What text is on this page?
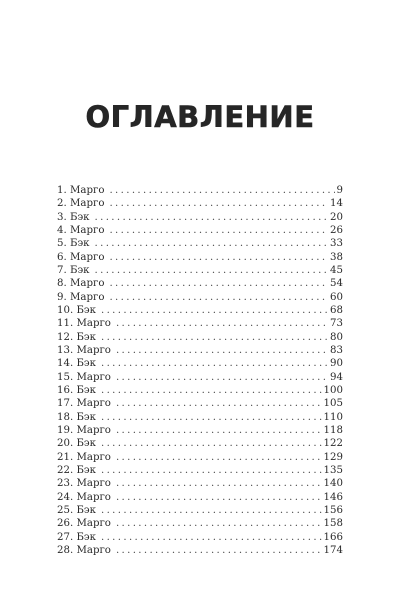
ОГЛАВЛЕНИЕ
1. Марго .....	9
2. Марго .....	14
3. Бэк .....	20
4. Марго .....	26
5. Бэк .....	33
6. Марго .....	38
7. Бэк .....	45
8. Марго .....	54
9. Марго .....	60
10. Бэк .....	68
11. Марго .....	73
12. Бэк .....	80
13. Марго .....	83
14. Бэк .....	90
15. Марго .....	94
16. Бэк .....	100
17. Марго .....	105
18. Бэк .....	110
19. Марго .....	118
20. Бэк .....	122
21. Марго .....	129
22. Бэк .....	135
23. Марго .....	140
24. Марго .....	146
25. Бэк .....	156
26. Марго .....	158
27. Бэк .....	166
28. Марго .....	174
